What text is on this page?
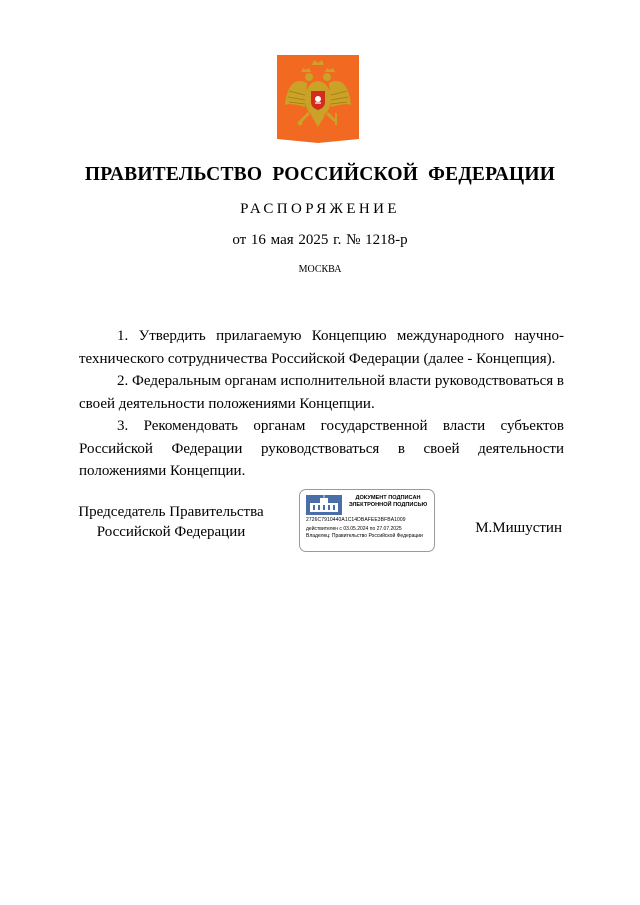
ПРАВИТЕЛЬСТВО РОССИЙСКОЙ ФЕДЕРАЦИИ
РАСПОРЯЖЕНИЕ
от 16 мая 2025 г. № 1218-р
МОСКВА

1. Утвердить прилагаемую Концепцию международного научно-технического сотрудничества Российской Федерации (далее - Концепция).

2. Федеральным органам исполнительной власти руководствоваться в своей деятельности положениями Концепции.

3. Рекомендовать органам государственной власти субъектов Российской Федерации руководствоваться в своей деятельности положениями Концепции.

Председатель Правительства
Российской Федерации
ДОКУМЕНТ ПОДПИСАН
ЭЛЕКТРОННОЙ ПОДПИСЬЮ
2726C7910440A1C14DBAFEE3BFBA1009
действителен с 03.05.2024 по 27.07.2025
Владелец: Правительство Российской Федерации	М.Мишустин
